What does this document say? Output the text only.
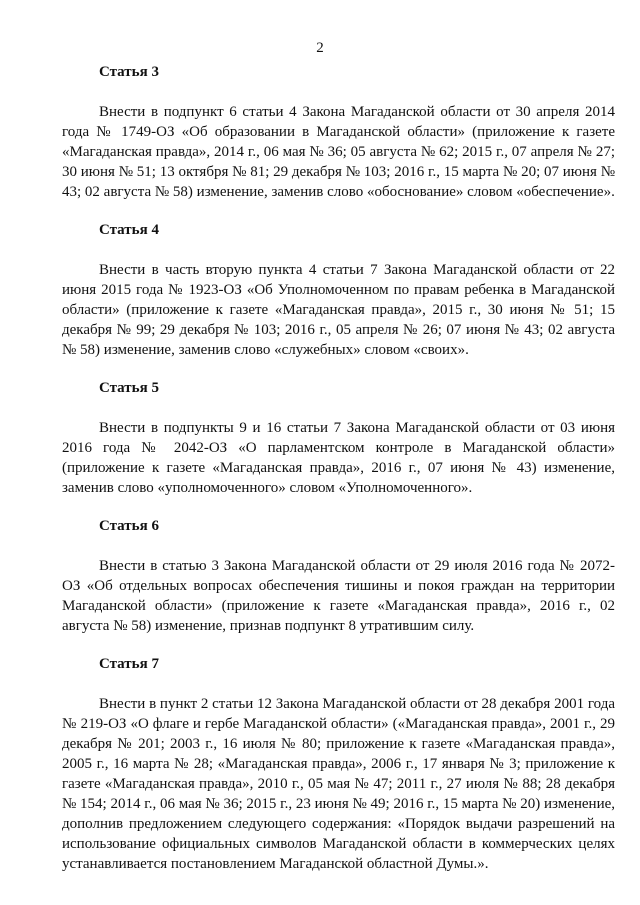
2

Статья 3

Внести в подпункт 6 статьи 4 Закона Магаданской области от 30 апреля 2014 года № 1749-ОЗ «Об образовании в Магаданской области» (приложение к газете «Магаданская правда», 2014 г., 06 мая № 36; 05 августа № 62; 2015 г., 07 апреля № 27; 30 июня № 51; 13 октября № 81; 29 декабря № 103; 2016 г., 15 марта № 20; 07 июня № 43; 02 августа № 58) изменение, заменив слово «обоснование» словом «обеспечение».

Статья 4

Внести в часть вторую пункта 4 статьи 7 Закона Магаданской области от 22 июня 2015 года № 1923-ОЗ «Об Уполномоченном по правам ребенка в Магаданской области» (приложение к газете «Магаданская правда», 2015 г., 30 июня № 51; 15 декабря № 99; 29 декабря № 103; 2016 г., 05 апреля № 26; 07 июня № 43; 02 августа № 58) изменение, заменив слово «служебных» словом «своих».

Статья 5

Внести в подпункты 9 и 16 статьи 7 Закона Магаданской области от 03 июня 2016 года № 2042-ОЗ «О парламентском контроле в Магаданской области» (приложение к газете «Магаданская правда», 2016 г., 07 июня № 43) изменение, заменив слово «уполномоченного» словом «Уполномоченного».

Статья 6

Внести в статью 3 Закона Магаданской области от 29 июля 2016 года № 2072-ОЗ «Об отдельных вопросах обеспечения тишины и покоя граждан на территории Магаданской области» (приложение к газете «Магаданская правда», 2016 г., 02 августа № 58) изменение, признав подпункт 8 утратившим силу.

Статья 7

Внести в пункт 2 статьи 12 Закона Магаданской области от 28 декабря 2001 года № 219-ОЗ «О флаге и гербе Магаданской области» («Магаданская правда», 2001 г., 29 декабря № 201; 2003 г., 16 июля № 80; приложение к газете «Магаданская правда», 2005 г., 16 марта № 28; «Магаданская правда», 2006 г., 17 января № 3; приложение к газете «Магаданская правда», 2010 г., 05 мая № 47; 2011 г., 27 июля № 88; 28 декабря № 154; 2014 г., 06 мая № 36; 2015 г., 23 июня № 49; 2016 г., 15 марта № 20) изменение, дополнив предложением следующего содержания: «Порядок выдачи разрешений на использование официальных символов Магаданской области в коммерческих целях устанавливается постановлением Магаданской областной Думы.».
